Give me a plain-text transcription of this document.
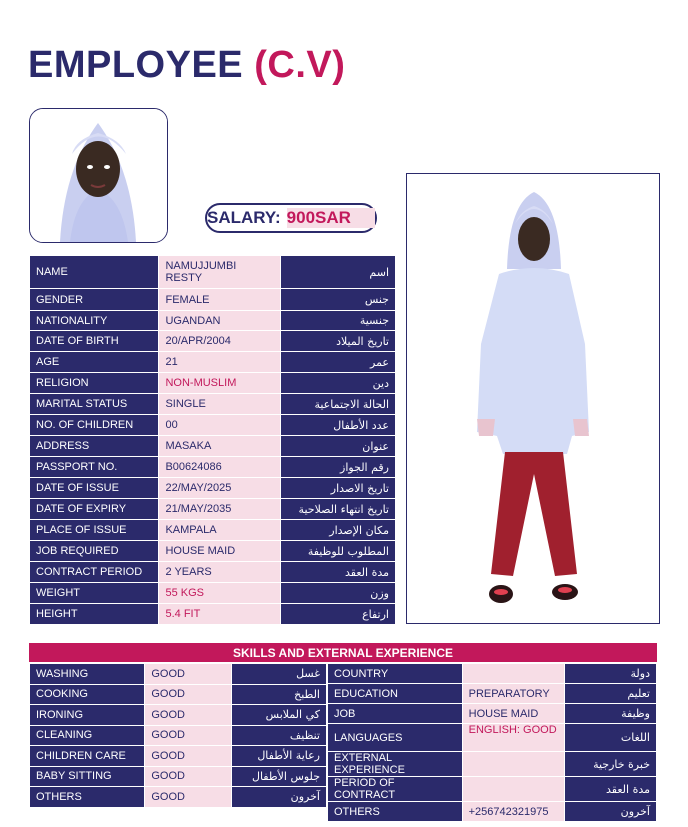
EMPLOYEE (C.V)
SALARY: 900SAR
NAME	NAMUJJUMBI RESTY	اسم
GENDER	FEMALE	جنس
NATIONALITY	UGANDAN	جنسية
DATE OF BIRTH	20/APR/2004	تاريخ الميلاد
AGE	21	عمر
RELIGION	NON-MUSLIM	دين
MARITAL STATUS	SINGLE	الحالة الاجتماعية
NO. OF CHILDREN	00	عدد الأطفال
ADDRESS	MASAKA	عنوان
PASSPORT NO.	B00624086	رقم الجواز
DATE OF ISSUE	22/MAY/2025	تاريخ الاصدار
DATE OF EXPIRY	21/MAY/2035	تاريخ انتهاء الصلاحية
PLACE OF ISSUE	KAMPALA	مكان الإصدار
JOB REQUIRED	HOUSE MAID	المطلوب للوظيفة
CONTRACT PERIOD	2 YEARS	مدة العقد
WEIGHT	55 KGS	وزن
HEIGHT	5.4 FIT	ارتفاع
SKILLS AND EXTERNAL EXPERIENCE
WASHING	GOOD	غسل
COOKING	GOOD	الطبخ
IRONING	GOOD	كي الملابس
CLEANING	GOOD	تنظيف
CHILDREN CARE	GOOD	رعاية الأطفال
BABY SITTING	GOOD	جلوس الأطفال
OTHERS	GOOD	آخرون
COUNTRY		دولة
EDUCATION	PREPARATORY	تعليم
JOB	HOUSE MAID	وظيفة
LANGUAGES	ENGLISH: GOOD	اللغات
EXTERNAL EXPERIENCE		خبرة خارجية
PERIOD OF CONTRACT		مدة العقد
OTHERS	+256742321975	آخرون
